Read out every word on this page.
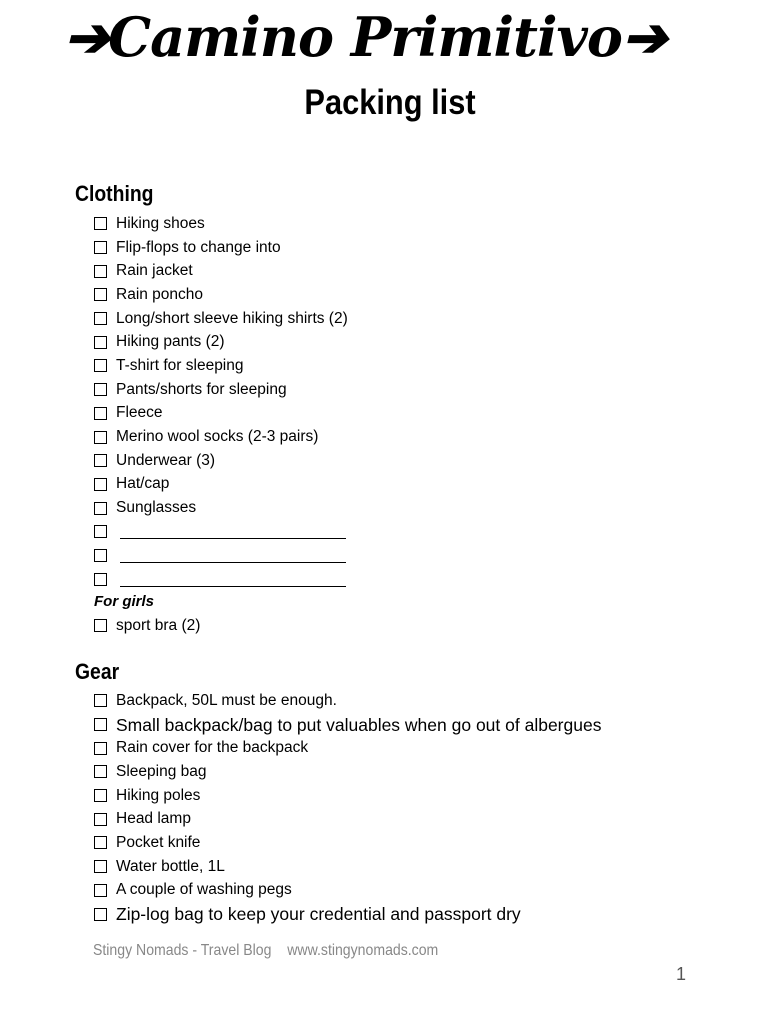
➔Camino Primitivo➔
Packing list
Clothing
Hiking shoes
Flip-flops to change into
Rain jacket
Rain poncho
Long/short sleeve hiking shirts (2)
Hiking pants (2)
T-shirt for sleeping
Pants/shorts for sleeping
Fleece
Merino wool socks (2-3 pairs)
Underwear (3)
Hat/cap
Sunglasses
For girls
sport bra (2)
Gear
Backpack, 50L must be enough.
Small backpack/bag to put valuables when go out of albergues
Rain cover for the backpack
Sleeping bag
Hiking poles
Head lamp
Pocket knife
Water bottle, 1L
A couple of washing pegs
Zip-log bag to keep your credential and passport dry
Stingy Nomads - Travel Blog www.stingynomads.com
1
